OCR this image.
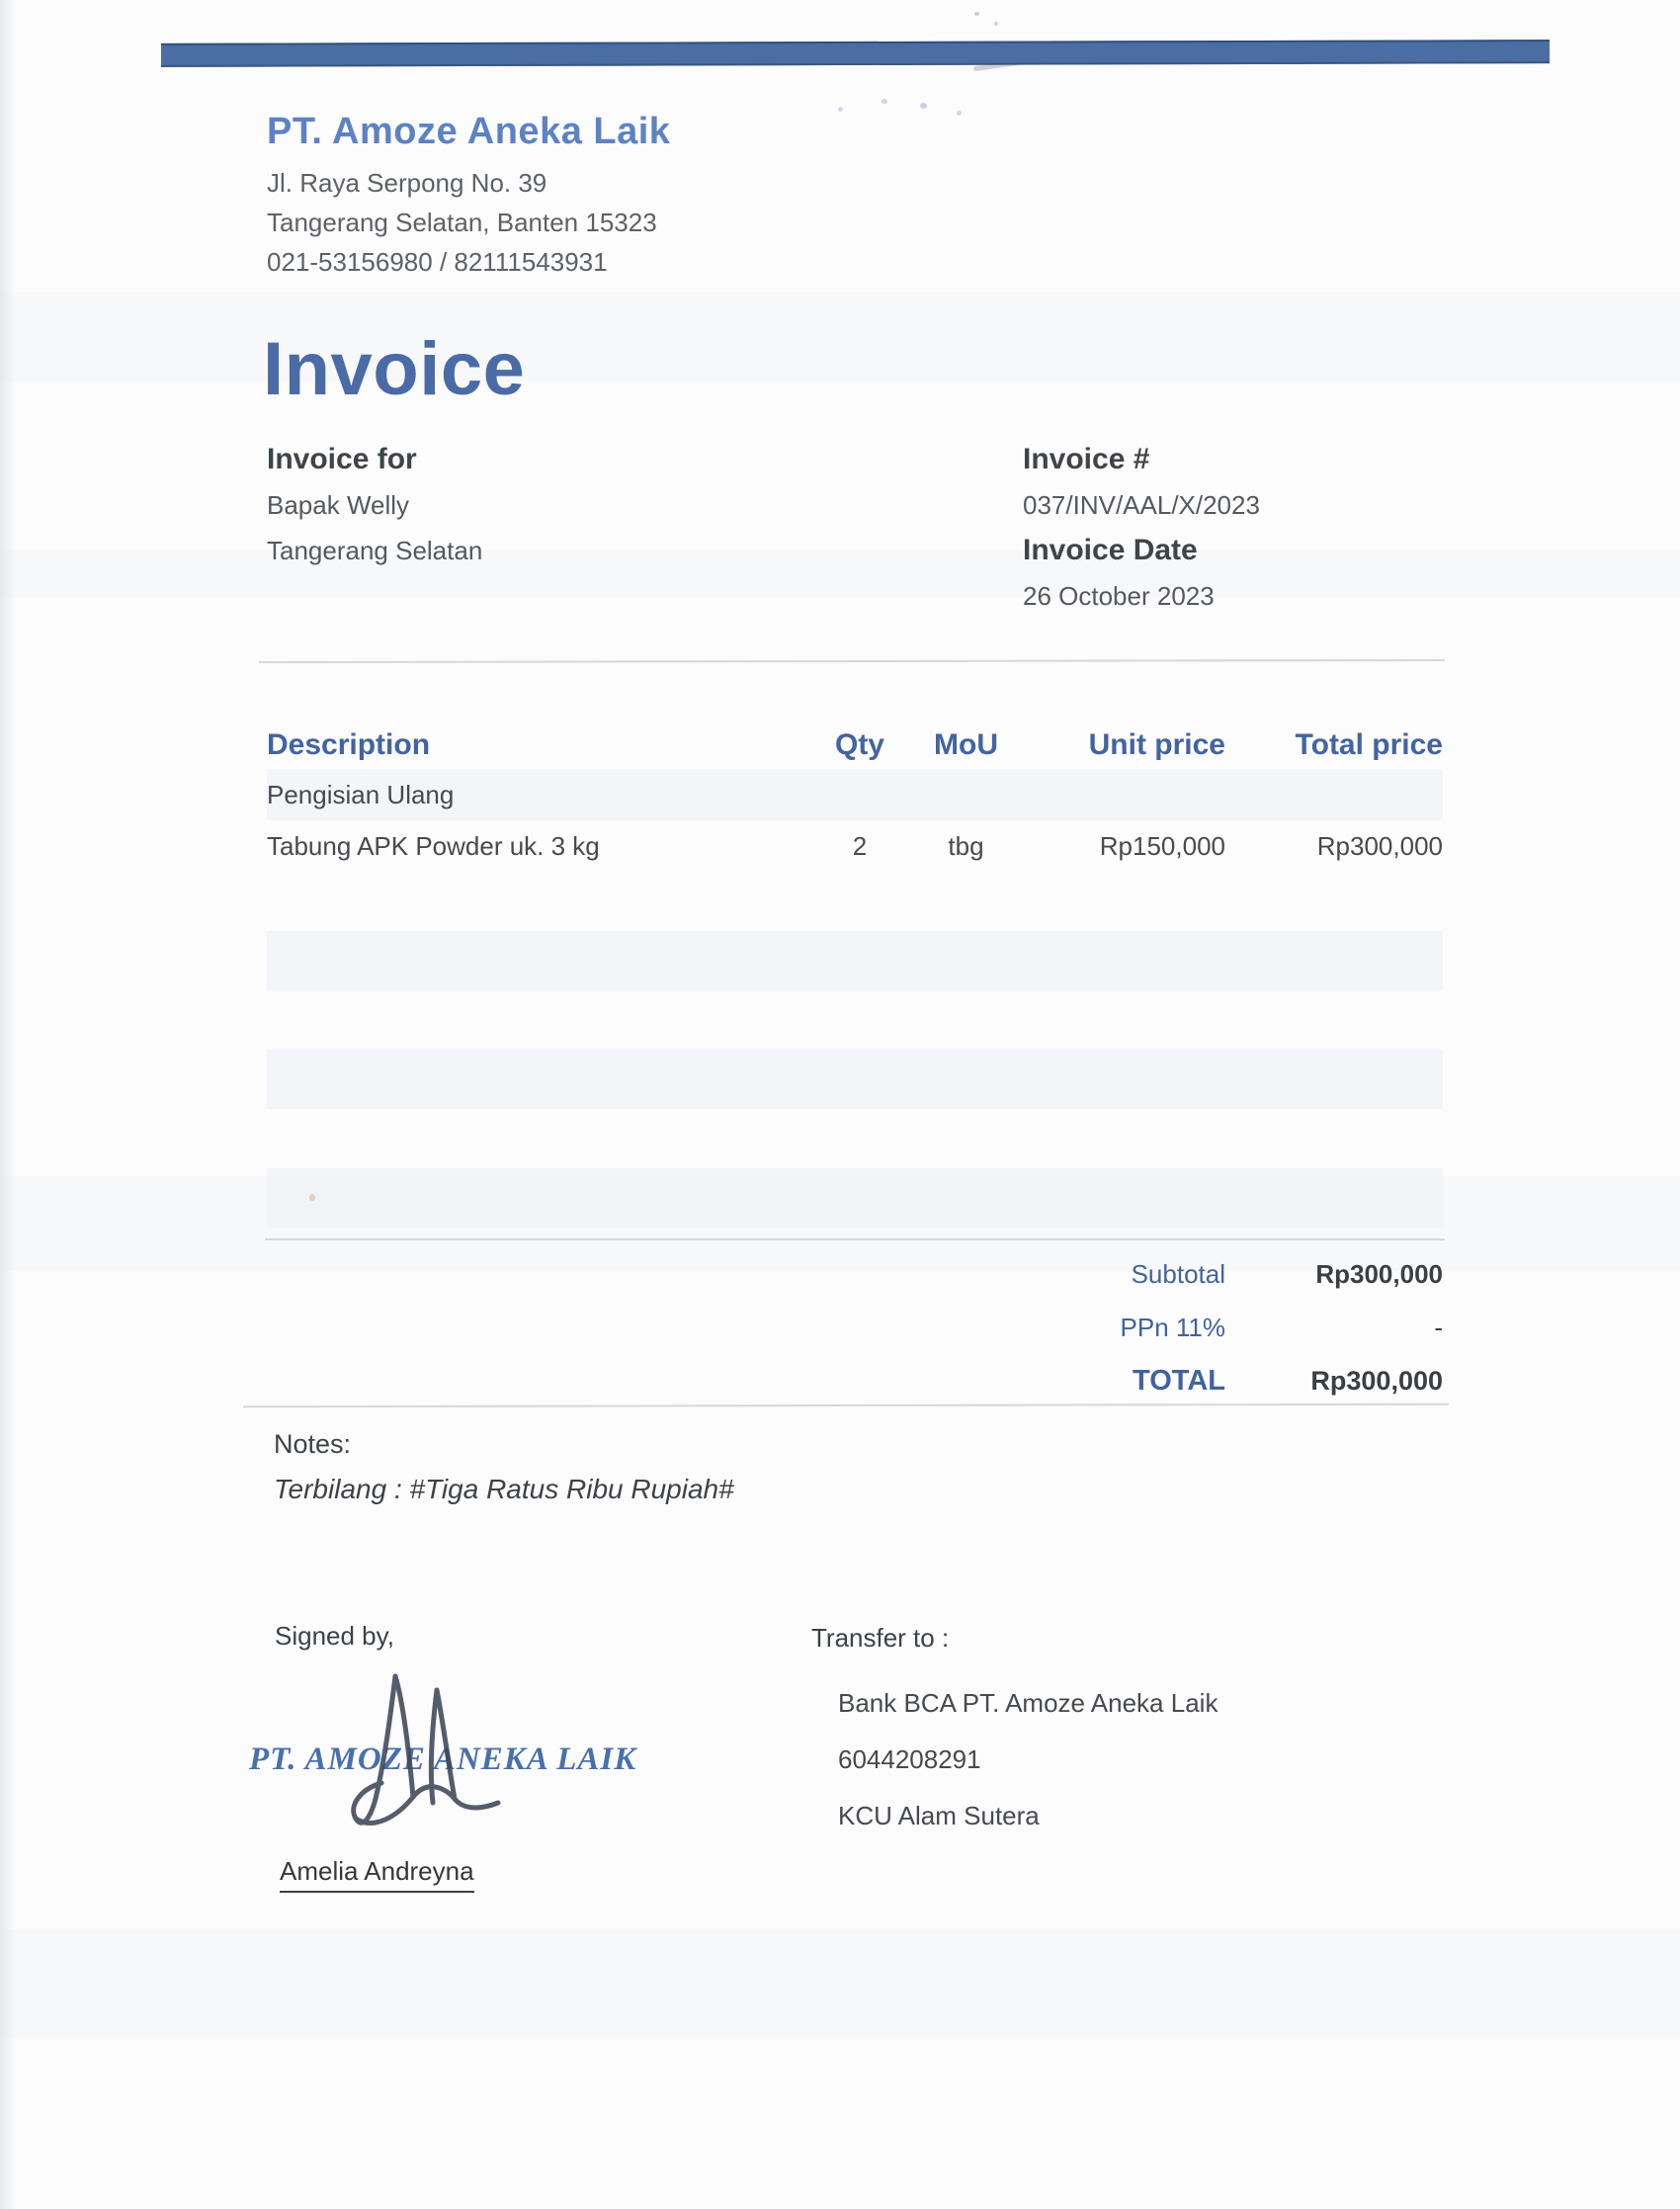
PT. Amoze Aneka Laik
Jl. Raya Serpong No. 39
Tangerang Selatan, Banten 15323
021-53156980 / 82111543931
Invoice
Invoice for
Bapak Welly
Tangerang Selatan
Invoice #
037/INV/AAL/X/2023
Invoice Date
26 October 2023
Description	Qty	MoU	Unit price	Total price
Pengisian Ulang
Tabung APK Powder uk. 3 kg	2	tbg	Rp150,000	Rp300,000
Subtotal	Rp300,000
PPn 11%	-
TOTAL	Rp300,000
Notes:
Terbilang : #Tiga Ratus Ribu Rupiah#
Signed by,
PT. AMOZE ANEKA LAIK
Amelia Andreyna
Transfer to :
Bank BCA PT. Amoze Aneka Laik
6044208291
KCU Alam Sutera
